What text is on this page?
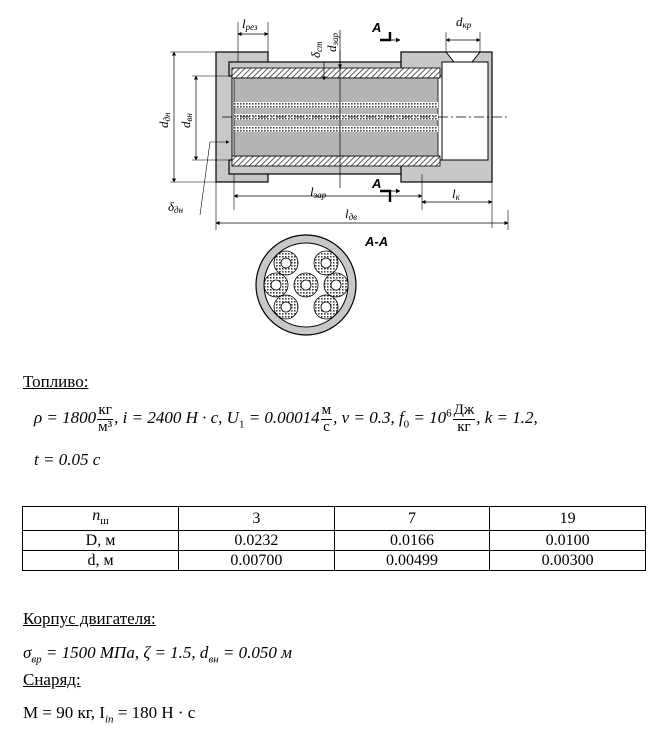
lрез
δст dзар
dкр
dдн
dвн
lзар	lк
δдн	lдв
A
A
A-A
Топливо:
$\rho = 1800 \frac{кг}{\text{м³}}$ , i = 2400 Н · с, $U_1 = 0.00014 \frac{м}{с}$ , ν = 0.3, $f_0 = 10^6 \frac{Дж}{кг}$ , k = 1.2,
t = 0.05 с
$n_ш$	3	7	19
D, м	0.0232	0.0166	0.0100
d, м	0.00700	0.00499	0.00300
Корпус двигателя:
$\sigma_{вр} = 1500$ МПа, ζ = 1.5, $d_{вн} = 0.050$ м
Снаряд:
M = 90 кг, $I_{in} = 180$ Н · с
